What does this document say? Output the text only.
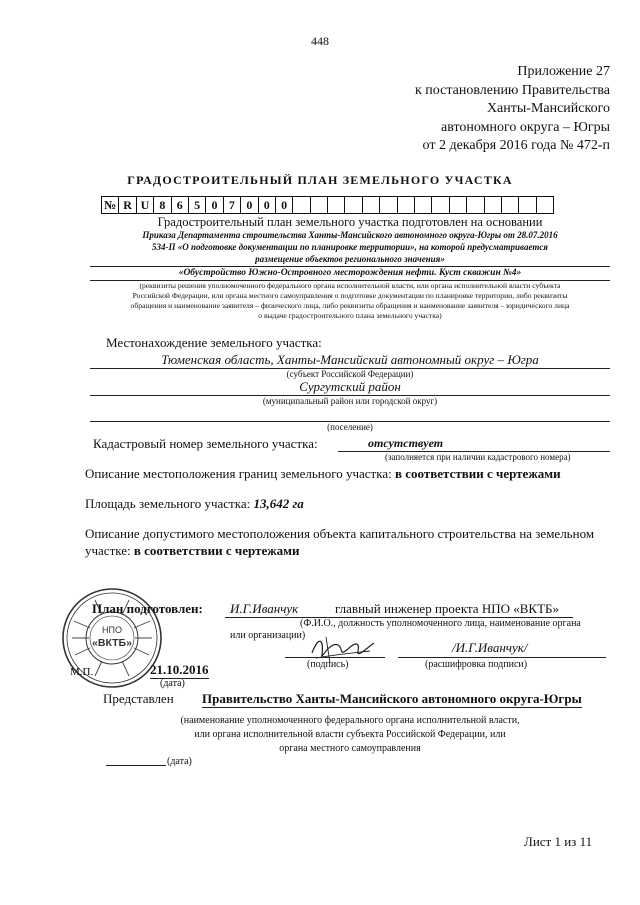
448
Приложение 27
к постановлению Правительства
Ханты-Мансийского
автономного округа – Югры
от 2 декабря 2016 года № 472-п
ГРАДОСТРОИТЕЛЬНЫЙ ПЛАН ЗЕМЕЛЬНОГО УЧАСТКА
№ R U 8 6 5 0 7 0 0 0
Градостроительный план земельного участка подготовлен на основании
Приказа Департамента строительства Ханты-Мансийского автономного округа-Югры от 28.07.2016
534-П «О подготовке документации по планировке территории», на которой предусматривается
размещение объектов регионального значения»
«Обустройство Южно-Островного месторождения нефти. Куст скважин №4»
(реквизиты решения уполномоченного федерального органа исполнительной власти, или органа исполнительной власти субъекта
Российской Федерации, или органа местного самоуправления о подготовке документации по планировке территории, либо реквизиты
обращения и наименование заявителя – физического лица, либо реквизиты обращения и наименование заявителя – юридического лица
о выдаче градостроительного плана земельного участка)
Местонахождение земельного участка:
Тюменская область, Ханты-Мансийский автономный округ – Югра
(субъект Российской Федерации)
Сургутский район
(муниципальный район или городской округ)
(поселение)
Кадастровый номер земельного участка:	отсутствует
(заполняется при наличии кадастрового номера)
Описание местоположения границ земельного участка: в соответствии с чертежами
Площадь земельного участка: 13,642 га
Описание допустимого местоположения объекта капитального строительства на земельном
участке: в соответствии с чертежами
НПО
«ВКТБ»
План подготовлен: И.Г.Иванчук	главный инженер проекта НПО «ВКТБ»
(Ф.И.О., должность уполномоченного лица, наименование органа
или организации)
/И.Г.Иванчук/
(подпись)	(расшифровка подписи)
М.П.	21.10.2016
(дата)
Представлен Правительство Ханты-Мансийского автономного округа-Югры
(наименование уполномоченного федерального органа исполнительной власти,
или органа исполнительной власти субъекта Российской Федерации, или
органа местного самоуправления
(дата)
Лист 1 из 11
